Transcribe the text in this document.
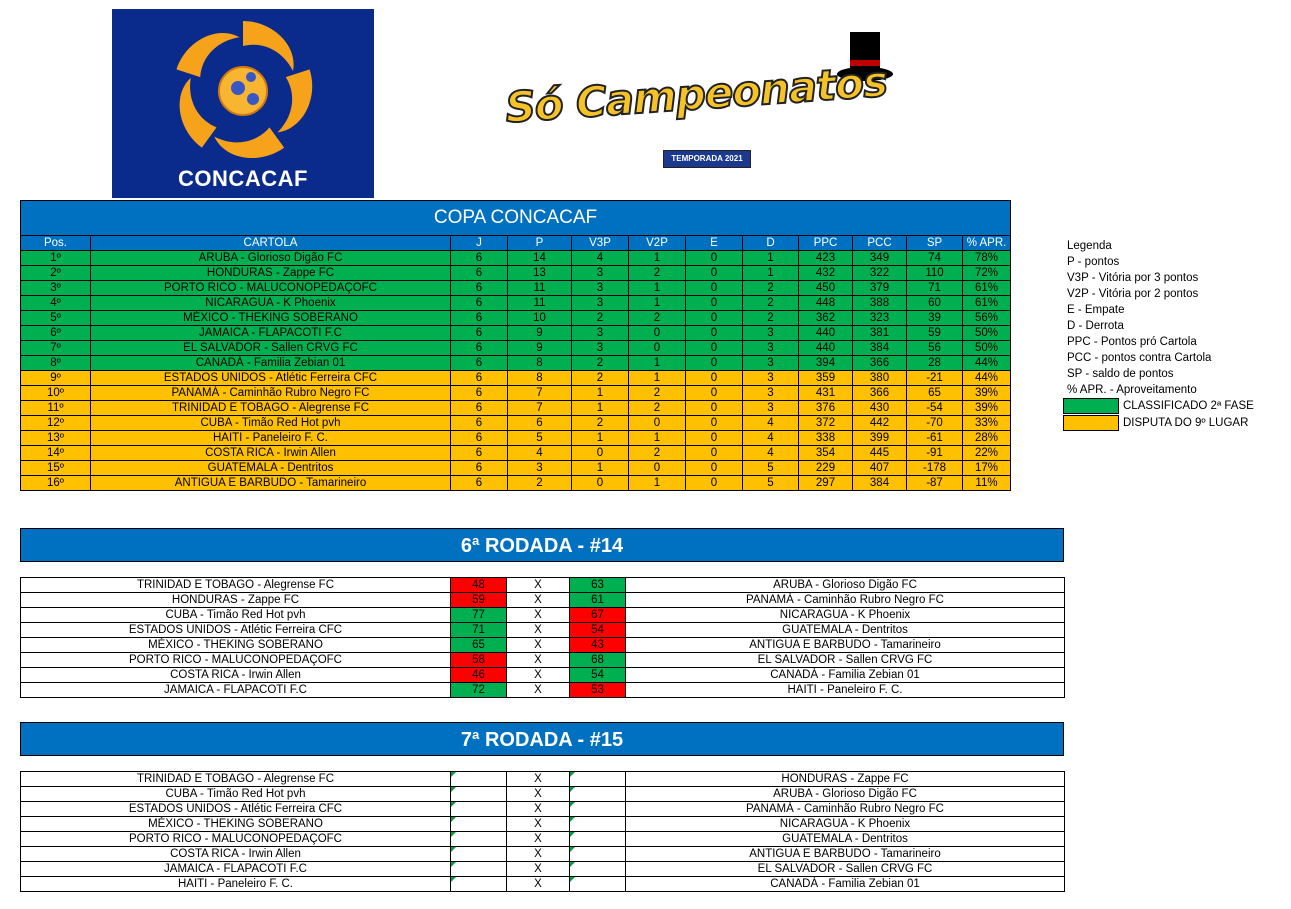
CONCACAF
Só Campeonatos
TEMPORADA 2021
COPA CONCACAF											
Pos.	CARTOLA	J	P	V3P	V2P	E	D	PPC	PCC	SP	% APR.
1º	ARUBA - Glorioso Digão FC	6	14	4	1	0	1	423	349	74	78%
2º	HONDURAS - Zappe FC	6	13	3	2	0	1	432	322	110	72%
3º	PORTO RICO - MALUCONOPEDAÇOFC	6	11	3	1	0	2	450	379	71	61%
4º	NICARAGUA - K Phoenix	6	11	3	1	0	2	448	388	60	61%
5º	MÉXICO - THEKING SOBERANO	6	10	2	2	0	2	362	323	39	56%
6º	JAMAICA - FLAPACOTI F.C	6	9	3	0	0	3	440	381	59	50%
7º	EL SALVADOR - Sallen CRVG FC	6	9	3	0	0	3	440	384	56	50%
8º	CANADÁ - Familia Zebian 01	6	8	2	1	0	3	394	366	28	44%
9º	ESTADOS UNIDOS - Atlétic Ferreira CFC	6	8	2	1	0	3	359	380	-21	44%
10º	PANAMÁ - Caminhão Rubro Negro FC	6	7	1	2	0	3	431	366	65	39%
11º	TRINIDAD E TOBAGO - Alegrense FC	6	7	1	2	0	3	376	430	-54	39%
12º	CUBA - Timão Red Hot pvh	6	6	2	0	0	4	372	442	-70	33%
13º	HAITI - Paneleiro F. C.	6	5	1	1	0	4	338	399	-61	28%
14º	COSTA RICA - Irwin Allen	6	4	0	2	0	4	354	445	-91	22%
15º	GUATEMALA - Dentritos	6	3	1	0	0	5	229	407	-178	17%
16º	ANTIGUA E BARBUDO - Tamarineiro	6	2	0	1	0	5	297	384	-87	11%
Legenda
P - pontos
V3P - Vitória por 3 pontos
V2P - Vitória por 2 pontos
E - Empate
D - Derrota
PPC - Pontos pró Cartola
PCC - pontos contra Cartola
SP - saldo de pontos
% APR. - Aproveitamento
CLASSIFICADO 2ª FASE
DISPUTA DO 9º LUGAR
6ª RODADA - #14
TRINIDAD E TOBAGO - Alegrense FC	48	X	63	ARUBA - Glorioso Digão FC
HONDURAS - Zappe FC	59	X	61	PANAMÁ - Caminhão Rubro Negro FC
CUBA - Timão Red Hot pvh	77	X	67	NICARAGUA - K Phoenix
ESTADOS UNIDOS - Atlétic Ferreira CFC	71	X	54	GUATEMALA - Dentritos
MÉXICO - THEKING SOBERANO	65	X	43	ANTIGUA E BARBUDO - Tamarineiro
PORTO RICO - MALUCONOPEDAÇOFC	58	X	68	EL SALVADOR - Sallen CRVG FC
COSTA RICA - Irwin Allen	46	X	54	CANADÁ - Familia Zebian 01
JAMAICA - FLAPACOTI F.C	72	X	53	HAITI - Paneleiro F. C.
7ª RODADA - #15
TRINIDAD E TOBAGO - Alegrense FC		X		HONDURAS - Zappe FC
CUBA - Timão Red Hot pvh		X		ARUBA - Glorioso Digão FC
ESTADOS UNIDOS - Atlétic Ferreira CFC		X		PANAMÁ - Caminhão Rubro Negro FC
MÉXICO - THEKING SOBERANO		X		NICARAGUA - K Phoenix
PORTO RICO - MALUCONOPEDAÇOFC		X		GUATEMALA - Dentritos
COSTA RICA - Irwin Allen		X		ANTIGUA E BARBUDO - Tamarineiro
JAMAICA - FLAPACOTI F.C		X		EL SALVADOR - Sallen CRVG FC
HAITI - Paneleiro F. C.		X		CANADÁ - Familia Zebian 01
